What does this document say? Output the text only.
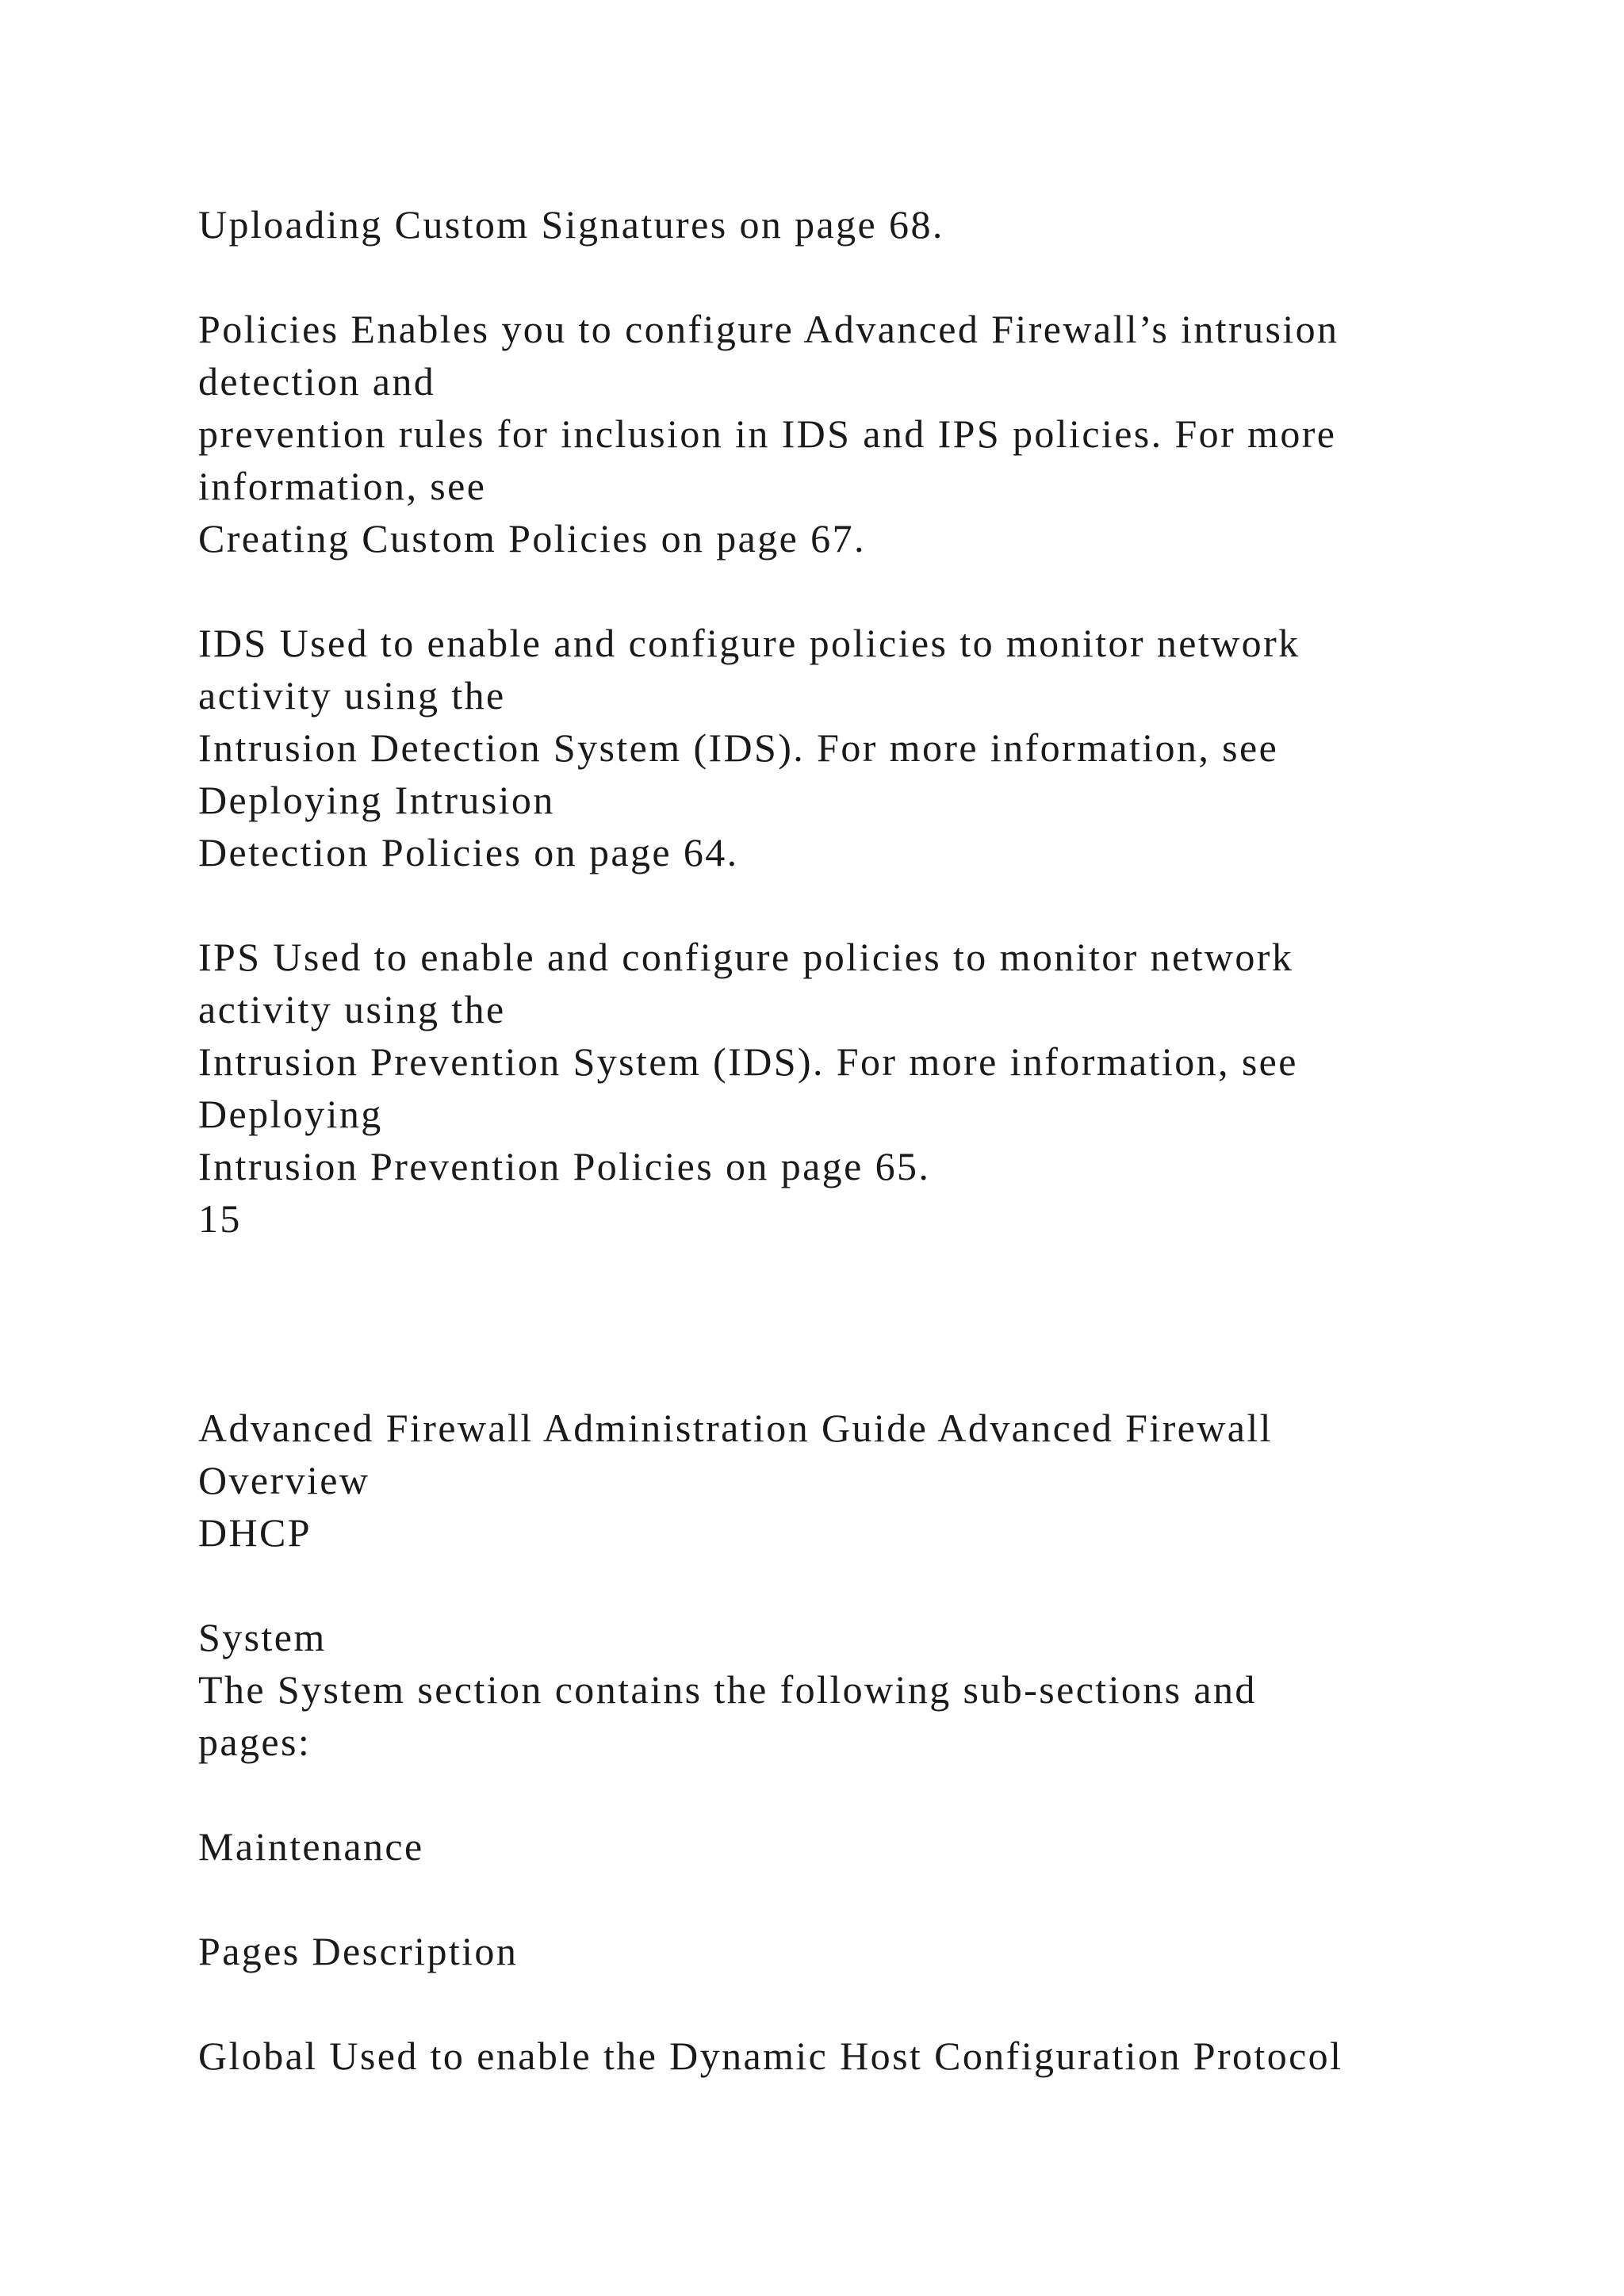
Uploading Custom Signatures on page 68.
Policies Enables you to configure Advanced Firewall’s intrusion
detection and
prevention rules for inclusion in IDS and IPS policies. For more
information, see
Creating Custom Policies on page 67.
IDS Used to enable and configure policies to monitor network
activity using the
Intrusion Detection System (IDS). For more information, see
Deploying Intrusion
Detection Policies on page 64.
IPS Used to enable and configure policies to monitor network
activity using the
Intrusion Prevention System (IDS). For more information, see
Deploying
Intrusion Prevention Policies on page 65.
15
Advanced Firewall Administration Guide Advanced Firewall
Overview
DHCP
System
The System section contains the following sub-sections and
pages:
Maintenance
Pages Description
Global Used to enable the Dynamic Host Configuration Protocol
